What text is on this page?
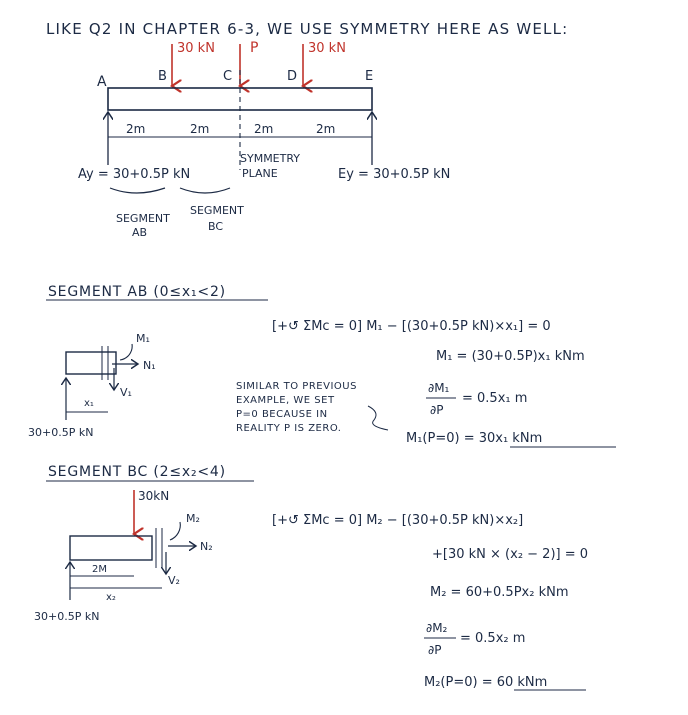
LIKE Q2 IN CHAPTER 6-3, WE USE SYMMETRY HERE AS WELL:
30 kN	P	30 kN
A	B	C	D	E
2m	2m	2m	2m
Ay = 30+0.5P kN	Ey = 30+0.5P kN
SYMMETRY
PLANE
SEGMENT
AB
SEGMENT
BC
SEGMENT AB (0≤x₁<2)
M₁
N₁
V₁
x₁
30+0.5P kN
SIMILAR TO PREVIOUS
EXAMPLE, WE SET
P=0 BECAUSE IN
REALITY P IS ZERO.
[+↺ ΣMc = 0] M₁ − [(30+0.5P kN)×x₁] = 0
M₁ = (30+0.5P)x₁ kNm
∂M₁
∂P
= 0.5x₁ m
M₁(P=0) = 30x₁ kNm
SEGMENT BC (2≤x₂<4)
30kN
M₂
N₂
V₂
2M
x₂
30+0.5P kN
[+↺ ΣMc = 0] M₂ − [(30+0.5P kN)×x₂]
+[30 kN × (x₂ − 2)] = 0
M₂ = 60+0.5Px₂ kNm
∂M₂
∂P
= 0.5x₂ m
M₂(P=0) = 60 kNm
